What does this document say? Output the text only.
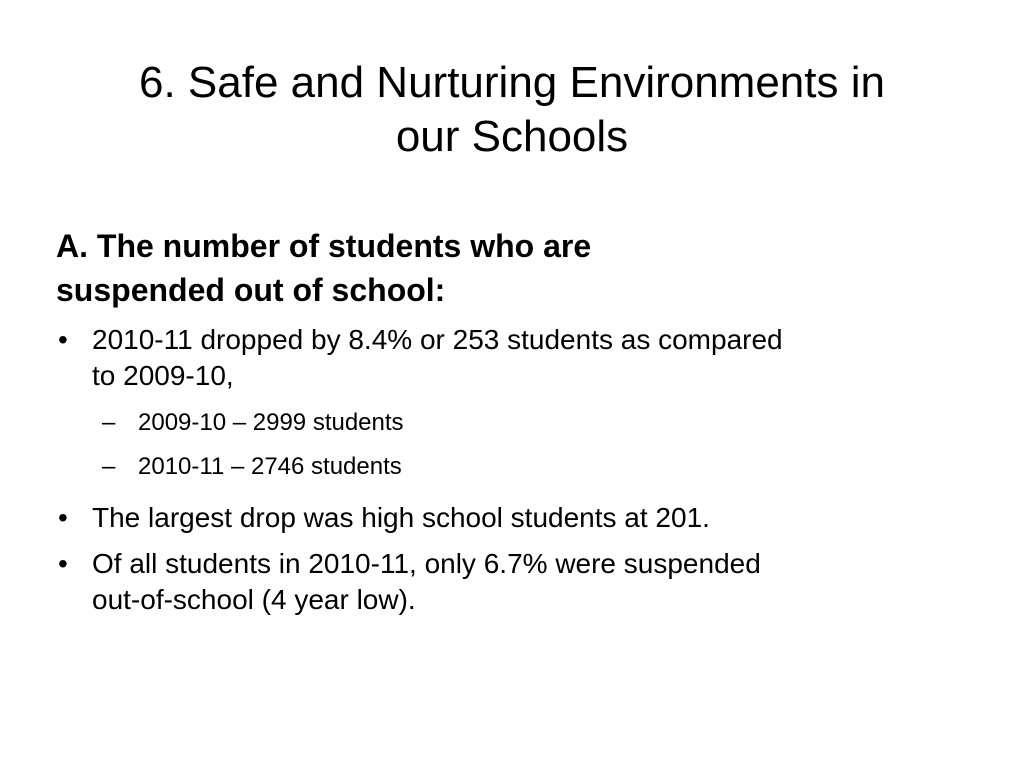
6. Safe and Nurturing Environments in
our Schools

A. The number of students who are
suspended out of school:

• 2010-11 dropped by 8.4% or 253 students as compared
to 2009-10,
– 2009-10 – 2999 students
– 2010-11 – 2746 students
• The largest drop was high school students at 201.
• Of all students in 2010-11, only 6.7% were suspended
out-of-school (4 year low).
